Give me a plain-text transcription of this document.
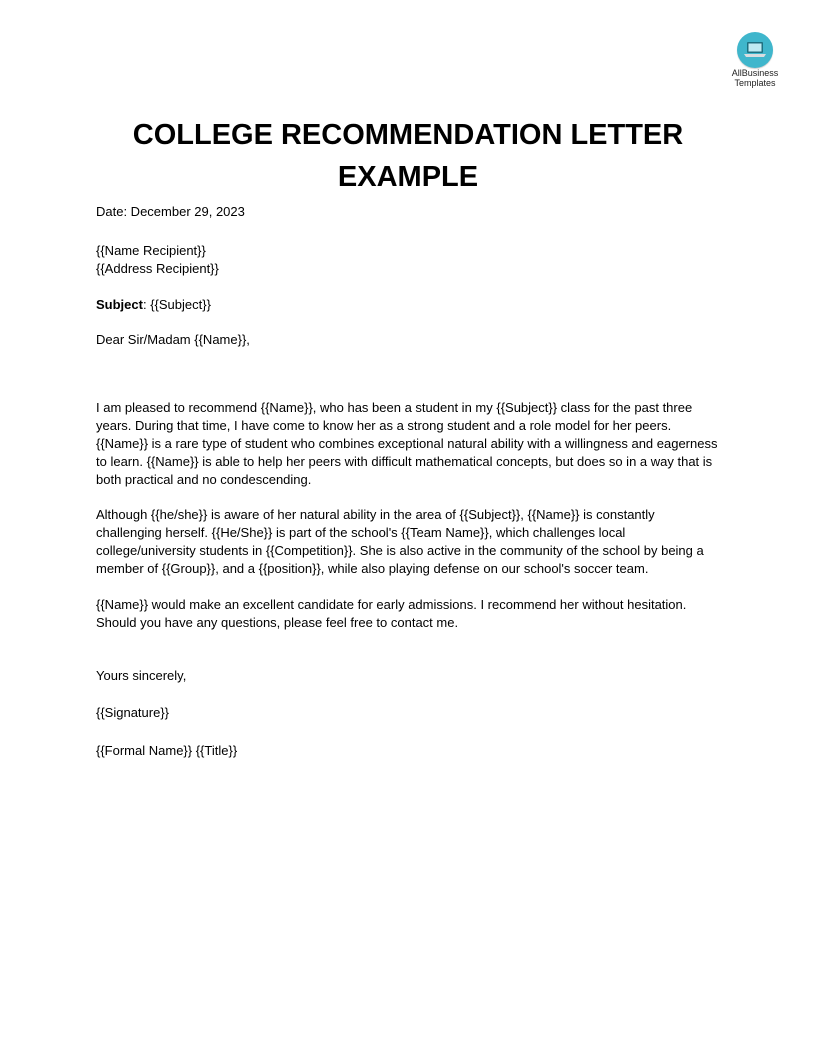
AllBusiness
Templates
COLLEGE RECOMMENDATION LETTER EXAMPLE

Date: December 29, 2023

{{Name Recipient}}

{{Address Recipient}}

Subject: {{Subject}}

Dear Sir/Madam {{Name}},

I am pleased to recommend {{Name}}, who has been a student in my {{Subject}} class for the past three years. During that time, I have come to know her as a strong student and a role model for her peers. {{Name}} is a rare type of student who combines exceptional natural ability with a willingness and eagerness to learn. {{Name}} is able to help her peers with difficult mathematical concepts, but does so in a way that is both practical and no condescending.

Although {{he/she}} is aware of her natural ability in the area of {{Subject}}, {{Name}} is constantly challenging herself. {{He/She}} is part of the school's {{Team Name}}, which challenges local college/university students in {{Competition}}. She is also active in the community of the school by being a member of {{Group}}, and a {{position}}, while also playing defense on our school's soccer team.

{{Name}} would make an excellent candidate for early admissions. I recommend her without hesitation. Should you have any questions, please feel free to contact me.

Yours sincerely,

{{Signature}}

{{Formal Name}} {{Title}}
